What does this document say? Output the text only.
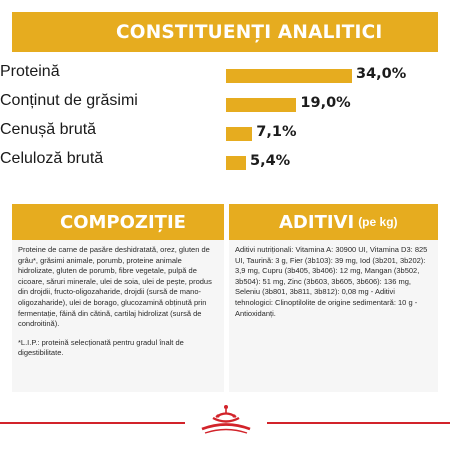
CONSTITUENȚI ANALITICI
Proteină	34,0%
Conținut de grăsimi	19,0%
Cenușă brută	7,1%
Celuloză brută	5,4%
COMPOZIȚIE

Proteine de carne de pasăre deshidratată, orez, gluten de grâu*, grăsimi animale, porumb, proteine animale hidrolizate, gluten de porumb, fibre vegetale, pulpă de cicoare, săruri minerale, ulei de soia, ulei de pește, produs din drojdii, fructo-oligozaharide, drojdii (sursă de mano-oligozaharide), ulei de borago, glucozamină obținută prin fermentație, făină din cătină, cartilaj hidrolizat (sursă de condroitină).

*L.I.P.: proteină selecționată pentru gradul înalt de digestibilitate.

ADITIVI (pe kg)

Aditivi nutriționali: Vitamina A: 30900 UI, Vitamina D3: 825 UI, Taurină: 3 g, Fier (3b103): 39 mg, Iod (3b201, 3b202): 3,9 mg, Cupru (3b405, 3b406): 12 mg, Mangan (3b502, 3b504): 51 mg, Zinc (3b603, 3b605, 3b606): 136 mg, Seleniu (3b801, 3b811, 3b812): 0,08 mg - Aditivi tehnologici: Clinoptilolite de origine sedimentară: 10 g - Antioxidanți.
